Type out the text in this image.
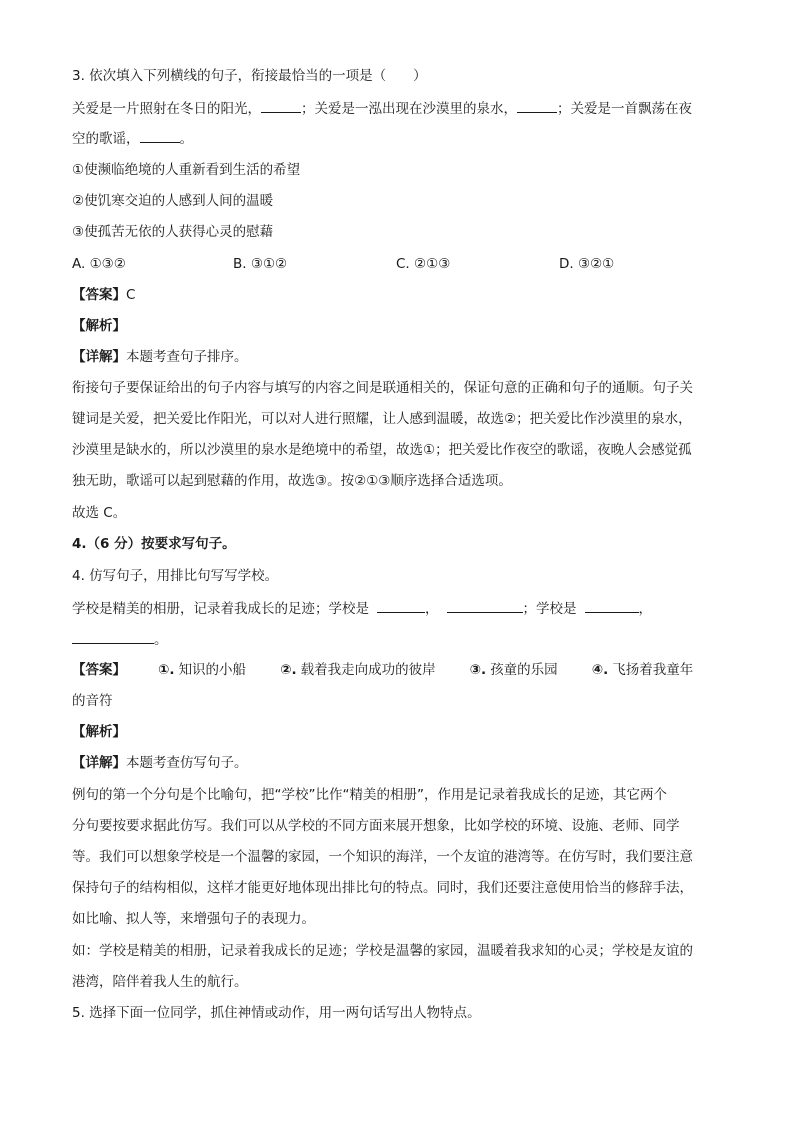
3. 依次填入下列横线的句子，衔接最恰当的一项是（　　）
关爱是一片照射在冬日的阳光，	；关爱是一泓出现在沙漠里的泉水，	；关爱是一首飘荡在夜
空的歌谣，	。
①使濒临绝境的人重新看到生活的希望
②使饥寒交迫的人感到人间的温暖
③使孤苦无依的人获得心灵的慰藉
A. ①③②	B. ③①②	C. ②①③	D. ③②①
【答案】C
【解析】
【详解】本题考查句子排序。
衔接句子要保证给出的句子内容与填写的内容之间是联通相关的，保证句意的正确和句子的通顺。句子关
键词是关爱，把关爱比作阳光，可以对人进行照耀，让人感到温暖，故选②；把关爱比作沙漠里的泉水，
沙漠里是缺水的，所以沙漠里的泉水是绝境中的希望，故选①；把关爱比作夜空的歌谣，夜晚人会感觉孤
独无助，歌谣可以起到慰藉的作用，故选③。按②①③顺序选择合适选项。
故选 C。
4.（6 分）按要求写句子。
4. 仿写句子，用排比句写写学校。
学校是精美的相册，记录着我成长的足迹；学校是	，	；学校是	，
。
【答案】 ①. 知识的小船	②. 载着我走向成功的彼岸	③. 孩童的乐园	④. 飞扬着我童年
的音符
【解析】
【详解】本题考查仿写句子。
例句的第一个分句是个比喻句，把“学校”比作“精美的相册”，作用是记录着我成长的足迹，其它两个
分句要按要求据此仿写。我们可以从学校的不同方面来展开想象，比如学校的环境、设施、老师、同学
等。我们可以想象学校是一个温馨的家园，一个知识的海洋，一个友谊的港湾等。在仿写时，我们要注意
保持句子的结构相似，这样才能更好地体现出排比句的特点。同时，我们还要注意使用恰当的修辞手法，
如比喻、拟人等，来增强句子的表现力。
如：学校是精美的相册，记录着我成长的足迹；学校是温馨的家园，温暖着我求知的心灵；学校是友谊的
港湾，陪伴着我人生的航行。
5. 选择下面一位同学，抓住神情或动作，用一两句话写出人物特点。
